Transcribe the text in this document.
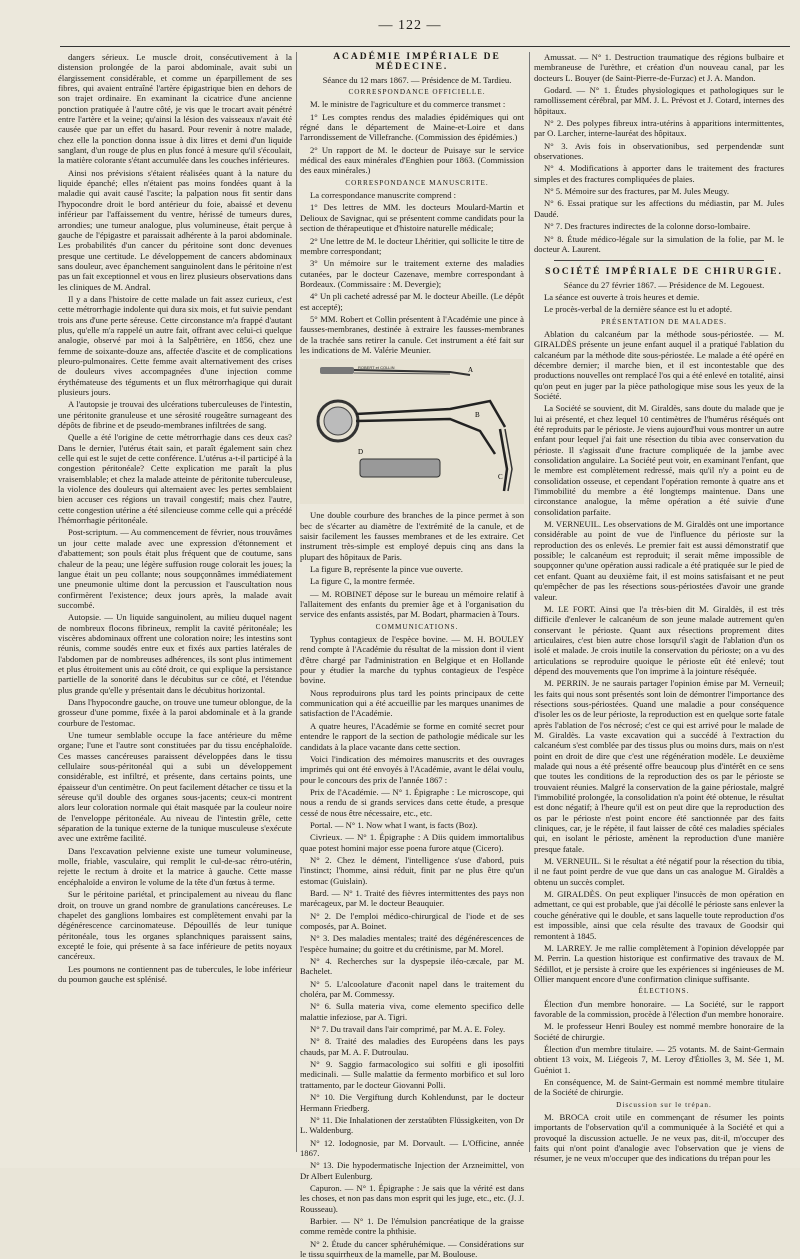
— 122 —

dangers sérieux. Le muscle droit, consécutivement à la distension prolongée de la paroi abdominale, avait subi un élargissement considérable, et comme un éparpillement de ses fibres, qui avaient entraîné l'artère épigastrique bien en dehors de son trajet ordinaire. En examinant la cicatrice d'une ancienne ponction pratiquée à l'autre côté, je vis que le trocart avait pénétré entre l'artère et la veine; qu'ainsi la lésion des vaisseaux n'avait été causée que par un effet du hasard. Pour revenir à notre malade, chez elle la ponction donna issue à dix litres et demi d'un liquide sanglant, d'un rouge de plus en plus foncé à mesure qu'il s'écoulait, la matière colorante s'étant accumulée dans les couches inférieures.

Ainsi nos prévisions s'étaient réalisées quant à la nature du liquide épanché; elles n'étaient pas moins fondées quant à la maladie qui avait causé l'ascite; la palpation nous fit sentir dans l'hypocondre droit le bord antérieur du foie, abaissé et devenu inférieur par l'affaissement du ventre, hérissé de tumeurs dures, arrondies; une tumeur analogue, plus volumineuse, était perçue à gauche de l'épigastre et paraissait adhérente à la paroi abdominale. Les probabilités d'un cancer du péritoine sont donc devenues presque une certitude. Le développement de cancers abdominaux sans douleur, avec épanchement sanguinolent dans le péritoine n'est pas un fait exceptionnel et vous en lirez plusieurs observations dans les cliniques de M. Andral.

Il y a dans l'histoire de cette malade un fait assez curieux, c'est cette métrorrhagie indolente qui dura six mois, et fut suivie pendant trois ans d'une perte séreuse. Cette circonstance m'a frappé d'autant plus, qu'elle m'a rappelé un autre fait, offrant avec celui-ci quelque analogie, observé par moi à la Salpêtrière, en 1856, chez une femme de soixante-douze ans, affectée d'ascite et de complications pleuro-pulmonaires. Cette femme avait alternativement des crises de douleurs vives accompagnées d'une injection comme érythémateuse des téguments et un flux métrorrhagique qui durait plusieurs jours.

A l'autopsie je trouvai des ulcérations tuberculeuses de l'intestin, une péritonite granuleuse et une sérosité rougeâtre surnageant des dépôts de fibrine et de pseudo-membranes infiltrées de sang.

Quelle a été l'origine de cette métrorrhagie dans ces deux cas? Dans le dernier, l'utérus était sain, et paraît également sain chez celle qui est le sujet de cette conférence. L'utérus a-t-il participé à la congestion péritonéale? Cette explication me paraît la plus vraisemblable; et chez la malade atteinte de péritonite tuberculeuse, la violence des douleurs qui alternaient avec les pertes semblaient bien accuser ces régions un travail congestif; mais chez l'autre, cette congestion utérine a été silencieuse comme celle qui a précédé l'hémorrhagie péritonéale.

Post-scriptum. — Au commencement de février, nous trouvâmes un jour cette malade avec une expression d'étonnement et d'abattement; son pouls était plus fréquent que de coutume, sans chaleur de la peau; une légère suffusion rouge colorait les joues; la langue était un peu collante; nous soupçonnâmes immédiatement une pneumonie ultime dont la percussion et l'auscultation nous confirmèrent l'existence; deux jours après, la malade avait succombé.

Autopsie. — Un liquide sanguinolent, au milieu duquel nagent de nombreux flocons fibrineux, remplit la cavité péritonéale; les viscères abdominaux offrent une coloration noire; les intestins sont réunis, comme soudés entre eux et fixés aux parties latérales de l'abdomen par de nombreuses adhérences, ils sont plus intimement et plus étroitement unis au côté droit, ce qui explique la persistance partielle de la sonorité dans le décubitus sur ce côté, et l'étendue plus grande qu'elle y présentait dans le décubitus horizontal.

Dans l'hypocondre gauche, on trouve une tumeur oblongue, de la grosseur d'une pomme, fixée à la paroi abdominale et à la grande courbure de l'estomac.

Une tumeur semblable occupe la face antérieure du même organe; l'une et l'autre sont constituées par du tissu encéphaloïde. Ces masses cancéreuses paraissent développées dans le tissu cellulaire sous-péritonéal qui a subi un développement considérable, est infiltré, et présente, dans certains points, une épaisseur d'un centimètre. On peut facilement détacher ce tissu et la séreuse qu'il double des organes sous-jacents; ceux-ci montrent alors leur coloration normale qui était masquée par la couleur noire de l'enveloppe péritonéale. Au niveau de l'intestin grêle, cette séparation de la tunique externe de la tunique musculeuse s'exécute avec une extrême facilité.

Dans l'excavation pelvienne existe une tumeur volumineuse, molle, friable, vasculaire, qui remplit le cul-de-sac rétro-utérin, rejette le rectum à droite et la matrice à gauche. Cette masse encéphaloïde a environ le volume de la tête d'un fœtus à terme.

Sur le péritoine pariétal, et principalement au niveau du flanc droit, on trouve un grand nombre de granulations cancéreuses. Le chapelet des ganglions lombaires est complètement envahi par la dégénérescence carcinomateuse. Dépouillés de leur tunique péritonéale, tous les organes splanchniques paraissent sains, excepté le foie, qui présente à sa face inférieure de petits noyaux cancéreux.

Les poumons ne contiennent pas de tubercules, le lobe inférieur du poumon gauche est splénisé.

ACADÉMIE IMPÉRIALE DE MÉDECINE.

Séance du 12 mars 1867. — Présidence de M. Tardieu.

CORRESPONDANCE OFFICIELLE.

M. le ministre de l'agriculture et du commerce transmet :

1° Les comptes rendus des maladies épidémiques qui ont régné dans le département de Maine-et-Loire et dans l'arrondissement de Villefranche. (Commission des épidémies.)

2° Un rapport de M. le docteur de Puisaye sur le service médical des eaux minérales d'Enghien pour 1863. (Commission des eaux minérales.)

CORRESPONDANCE MANUSCRITE.

La correspondance manuscrite comprend :

1° Des lettres de MM. les docteurs Moulard-Martin et Delioux de Savignac, qui se présentent comme candidats pour la section de thérapeutique et d'histoire naturelle médicale;

2° Une lettre de M. le docteur Lhéritier, qui sollicite le titre de membre correspondant;

3° Un mémoire sur le traitement externe des maladies cutanées, par le docteur Cazenave, membre correspondant à Bordeaux. (Commissaire : M. Devergie);

4° Un pli cacheté adressé par M. le docteur Abeille. (Le dépôt est accepté);

5° MM. Robert et Collin présentent à l'Académie une pince à fausses-membranes, destinée à extraire les fausses-membranes de la trachée sans retirer la canule. Cet instrument a été fait sur les indications de M. Valérie Meunier.

ROBERT et COLLIN	A
B
C
D

Une double courbure des branches de la pince permet à son bec de s'écarter au diamètre de l'extrémité de la canule, et de saisir facilement les fausses membranes et de les extraire. Cet instrument très-simple est employé depuis cinq ans dans la plupart des hôpitaux de Paris.

La figure B, représente la pince vue ouverte.

La figure C, la montre fermée.

— M. ROBINET dépose sur le bureau un mémoire relatif à l'allaitement des enfants du premier âge et à l'organisation du service des enfants assistés, par M. Bodart, pharmacien à Tours.

COMMUNICATIONS.

Typhus contagieux de l'espèce bovine. — M. H. BOULEY rend compte à l'Académie du résultat de la mission dont il vient d'être chargé par l'administration en Belgique et en Hollande pour y étudier la marche du typhus contagieux de l'espèce bovine.

Nous reproduirons plus tard les points principaux de cette communication qui a été accueillie par les marques unanimes de satisfaction de l'Académie.

A quatre heures, l'Académie se forme en comité secret pour entendre le rapport de la section de pathologie médicale sur les candidats à la place vacante dans cette section.

Voici l'indication des mémoires manuscrits et des ouvrages imprimés qui ont été envoyés à l'Académie, avant le délai voulu, pour le concours des prix de l'année 1867 :

Prix de l'Académie. — N° 1. Épigraphe : Le microscope, qui nous a rendu de si grands services dans cette étude, a presque cessé de nous être nécessaire, etc., etc.

Portal. — N° 1. Now what I want, is facts (Boz).

Civrieux. — N° 1. Épigraphe : A Diis quidem immortalibus quae potest homini major esse poena furore atque (Cicero).

N° 2. Chez le dément, l'intelligence s'use d'abord, puis l'instinct; l'homme, ainsi réduit, finit par ne plus être qu'un estomac (Guislain).

Bard. — N° 1. Traité des fièvres intermittentes des pays non marécageux, par M. le docteur Beauquier.

N° 2. De l'emploi médico-chirurgical de l'iode et de ses composés, par A. Boinet.

N° 3. Des maladies mentales; traité des dégénérescences de l'espèce humaine; du goitre et du crétinisme, par M. Morel.

N° 4. Recherches sur la dyspepsie iléo-cæcale, par M. Bachelet.

N° 5. L'alcoolature d'aconit napel dans le traitement du choléra, par M. Commessy.

N° 6. Sulla materia viva, come elemento specifico delle malattie infeziose, par A. Tigri.

N° 7. Du travail dans l'air comprimé, par M. A. E. Foley.

N° 8. Traité des maladies des Européens dans les pays chauds, par M. A. F. Dutroulau.

N° 9. Saggio farmacologico sui solfiti e gli iposolfiti medicinali. — Sulle malattie da fermento morbifico et sul loro trattamento, par le docteur Giovanni Polli.

N° 10. Die Vergiftung durch Kohlendunst, par le docteur Hermann Friedberg.

N° 11. Die Inhalationen der zerstaübten Flüssigkeiten, von Dr L. Waldenburg.

N° 12. Iodognosie, par M. Dorvault. — L'Officine, année 1867.

N° 13. Die hypodermatische Injection der Arzneimittel, von Dr Albert Eulenburg.

Capuron. — N° 1. Épigraphe : Je sais que la vérité est dans les choses, et non pas dans mon esprit qui les juge, etc., etc. (J. J. Rousseau).

Barbier. — N° 1. De l'émulsion pancréatique de la graisse comme remède contre la phthisie.

N° 2. Étude du cancer sphéruhémique. — Considérations sur le tissu squirrheux de la mamelle, par M. Boulouse.

Amussat. — N° 1. Destruction traumatique des régions bulbaire et membraneuse de l'urèthre, et création d'un nouveau canal, par les docteurs L. Bouyer (de Saint-Pierre-de-Furzac) et J. A. Mandon.

Godard. — N° 1. Études physiologiques et pathologiques sur le ramollissement cérébral, par MM. J. L. Prévost et J. Cotard, internes des hôpitaux.

N° 2. Des polypes fibreux intra-utérins à apparitions intermittentes, par O. Larcher, interne-lauréat des hôpitaux.

N° 3. Avis fois in observationibus, sed perpendendæ sunt observationes.

N° 4. Modifications à apporter dans le traitement des fractures simples et des fractures compliquées de plaies.

N° 5. Mémoire sur des fractures, par M. Jules Meugy.

N° 6. Essai pratique sur les affections du médiastin, par M. Jules Daudé.

N° 7. Des fractures indirectes de la colonne dorso-lombaire.

N° 8. Étude médico-légale sur la simulation de la folie, par M. le docteur A. Laurent.

SOCIÉTÉ IMPÉRIALE DE CHIRURGIE.

Séance du 27 février 1867. — Présidence de M. Legouest.

La séance est ouverte à trois heures et demie.

Le procès-verbal de la dernière séance est lu et adopté.

PRÉSENTATION DE MALADES.

Ablation du calcanéum par la méthode sous-périostée. — M. GIRALDÈS présente un jeune enfant auquel il a pratiqué l'ablation du calcanéum par la méthode dite sous-périostée. Le malade a été opéré en décembre dernier; il marche bien, et il est incontestable que des productions nouvelles ont remplacé l'os qui a été enlevé en totalité, ainsi qu'on peut en juger par la pièce pathologique mise sous les yeux de la Société.

La Société se souvient, dit M. Giraldès, sans doute du malade que je lui ai présenté, et chez lequel 10 centimètres de l'humérus réséqués ont été reproduits par le périoste. Je viens aujourd'hui vous montrer un autre enfant pour lequel j'ai fait une résection du tibia avec conservation du périoste. Il s'agissait d'une fracture compliquée de la jambe avec consolidation angulaire. La Société peut voir, en examinant l'enfant, que le membre est complètement redressé, mais qu'il n'y a point eu de consolidation osseuse, et cependant l'opération remonte à quatre ans et l'immobilité du membre a été longtemps maintenue. Dans une circonstance analogue, la même opération a été suivie d'une consolidation parfaite.

M. VERNEUIL. Les observations de M. Giraldès ont une importance considérable au point de vue de l'influence du périoste sur la reproduction des os enlevés. Le premier fait est aussi démonstratif que possible; le calcanéum est reproduit; il serait même impossible de soupçonner qu'une opération aussi radicale a été pratiquée sur le pied de cet enfant. Quant au deuxième fait, il est moins satisfaisant et ne peut qu'empêcher de pas les résections sous-périostées d'avoir une grande valeur.

M. LE FORT. Ainsi que l'a très-bien dit M. Giraldès, il est très difficile d'enlever le calcanéum de son jeune malade autrement qu'en conservant le périoste. Quant aux résections proprement dites articulaires, c'est bien autre chose lorsqu'il s'agit de l'ablation d'un os isolé et malade. Je crois inutile la conservation du périoste; on a vu des articulations se reproduire quoique le périoste eût été enlevé; tout dépend des mouvements que l'on imprime à la jointure réséquée.

M. PERRIN. Je ne saurais partager l'opinion émise par M. Verneuil; les faits qui nous sont présentés sont loin de démontrer l'importance des résections sous-périostées. Quand une maladie a pour conséquence d'isoler les os de leur périoste, la reproduction est en quelque sorte fatale après l'ablation de l'os nécrosé; c'est ce qui est arrivé pour le malade de M. Giraldès. La vaste excavation qui a succédé à l'extraction du calcanéum s'est comblée par des tissus plus ou moins durs, mais on n'est point en droit de dire que c'est une régénération modèle. Le deuxième malade qui nous a été présenté offre beaucoup plus d'intérêt en ce sens que toutes les conditions de la reproduction des os par le périoste se trouvaient réunies. Malgré la conservation de la gaine périostale, malgré l'immobilité prolongée, la consolidation n'a point été obtenue, le résultat est donc négatif; à l'heure qu'il est on peut dire que la reproduction des os par le périoste n'est point encore été sanctionnée par des faits cliniques, car, je le répète, il faut laisser de côté ces maladies spéciales qui, en isolant le périoste, amènent la reproduction d'une manière presque fatale.

M. VERNEUIL. Si le résultat a été négatif pour la résection du tibia, il ne faut point perdre de vue que dans un cas analogue M. Giraldès a obtenu un succès complet.

M. GIRALDÈS. On peut expliquer l'insuccès de mon opération en admettant, ce qui est probable, que j'ai décollé le périoste sans enlever la couche générative qui le double, et sans laquelle toute reproduction d'os est impossible, ainsi que cela résulte des travaux de Goodsir qui remontent à 1845.

M. LARREY. Je me rallie complètement à l'opinion développée par M. Perrin. La question historique est confirmative des travaux de M. Sédillot, et je persiste à croire que les expériences si ingénieuses de M. Ollier manquent encore d'une confirmation clinique suffisante.

ÉLECTIONS.

Élection d'un membre honoraire. — La Société, sur le rapport favorable de la commission, procède à l'élection d'un membre honoraire.

M. le professeur Henri Bouley est nommé membre honoraire de la Société de chirurgie.

Élection d'un membre titulaire. — 25 votants. M. de Saint-Germain obtient 13 voix, M. Liégeois 7, M. Leroy d'Étiolles 3, M. Sée 1, M. Guéniot 1.

En conséquence, M. de Saint-Germain est nommé membre titulaire de la Société de chirurgie.

Discussion sur le trépan.

M. BROCA croit utile en commençant de résumer les points importants de l'observation qu'il a communiquée à la Société et qui a provoqué la discussion actuelle. Je ne veux pas, dit-il, m'occuper des faits qui n'ont point d'analogie avec l'observation que je viens de résumer, je ne veux m'occuper que des indications du trépan pour les
